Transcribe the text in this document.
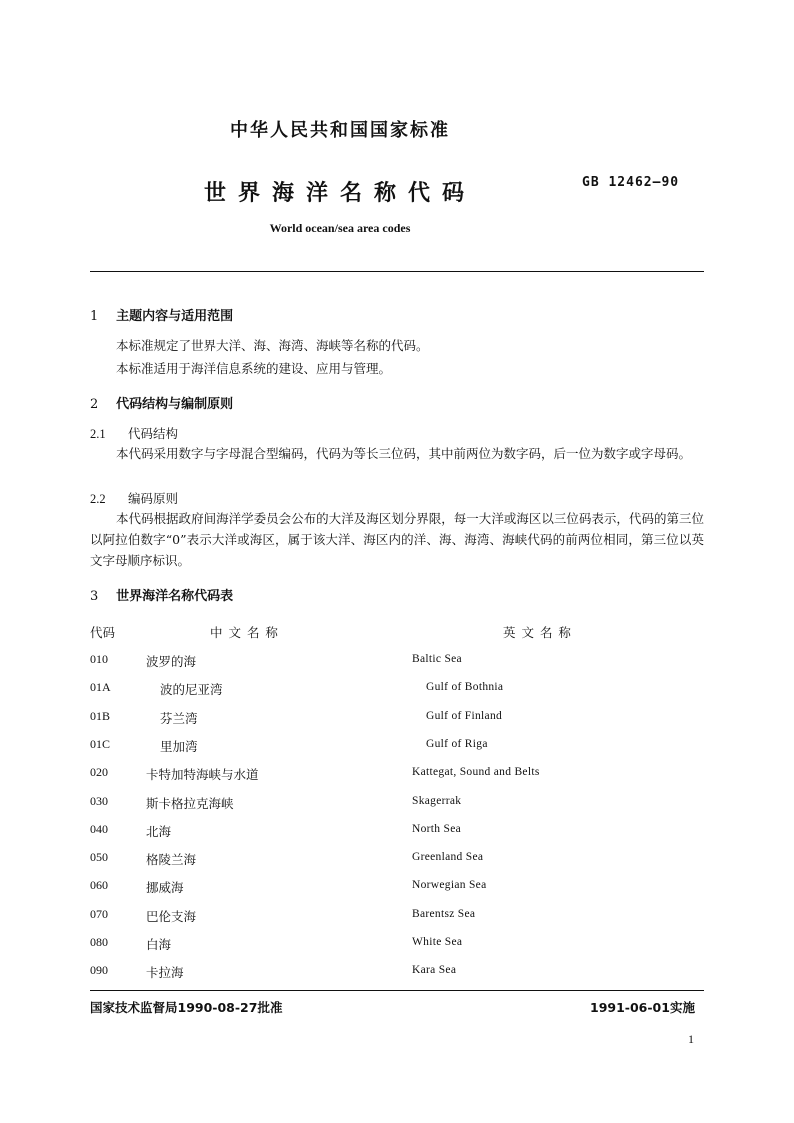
中华人民共和国国家标准
世界海洋名称代码	GB 12462—90
World ocean/sea area codes
1 主题内容与适用范围
本标准规定了世界大洋、海、海湾、海峡等名称的代码。
本标准适用于海洋信息系统的建设、应用与管理。
2 代码结构与编制原则
2.1 代码结构
本代码采用数字与字母混合型编码，代码为等长三位码，其中前两位为数字码，后一位为数字或字母码。
2.2 编码原则
本代码根据政府间海洋学委员会公布的大洋及海区划分界限，每一大洋或海区以三位码表示，代码的第三位以阿拉伯数字“0”表示大洋或海区，属于该大洋、海区内的洋、海、海湾、海峡代码的前两位相同，第三位以英文字母顺序标识。
3 世界海洋名称代码表
代码	中 文 名 称	英 文 名 称
010	波罗的海	Baltic Sea
01A	波的尼亚湾	Gulf of Bothnia
01B	芬兰湾	Gulf of Finland
01C	里加湾	Gulf of Riga
020	卡特加特海峡与水道	Kattegat, Sound and Belts
030	斯卡格拉克海峡	Skagerrak
040	北海	North Sea
050	格陵兰海	Greenland Sea
060	挪威海	Norwegian Sea
070	巴伦支海	Barentsz Sea
080	白海	White Sea
090	卡拉海	Kara Sea
国家技术监督局1990-08-27批准	1991-06-01实施
1
